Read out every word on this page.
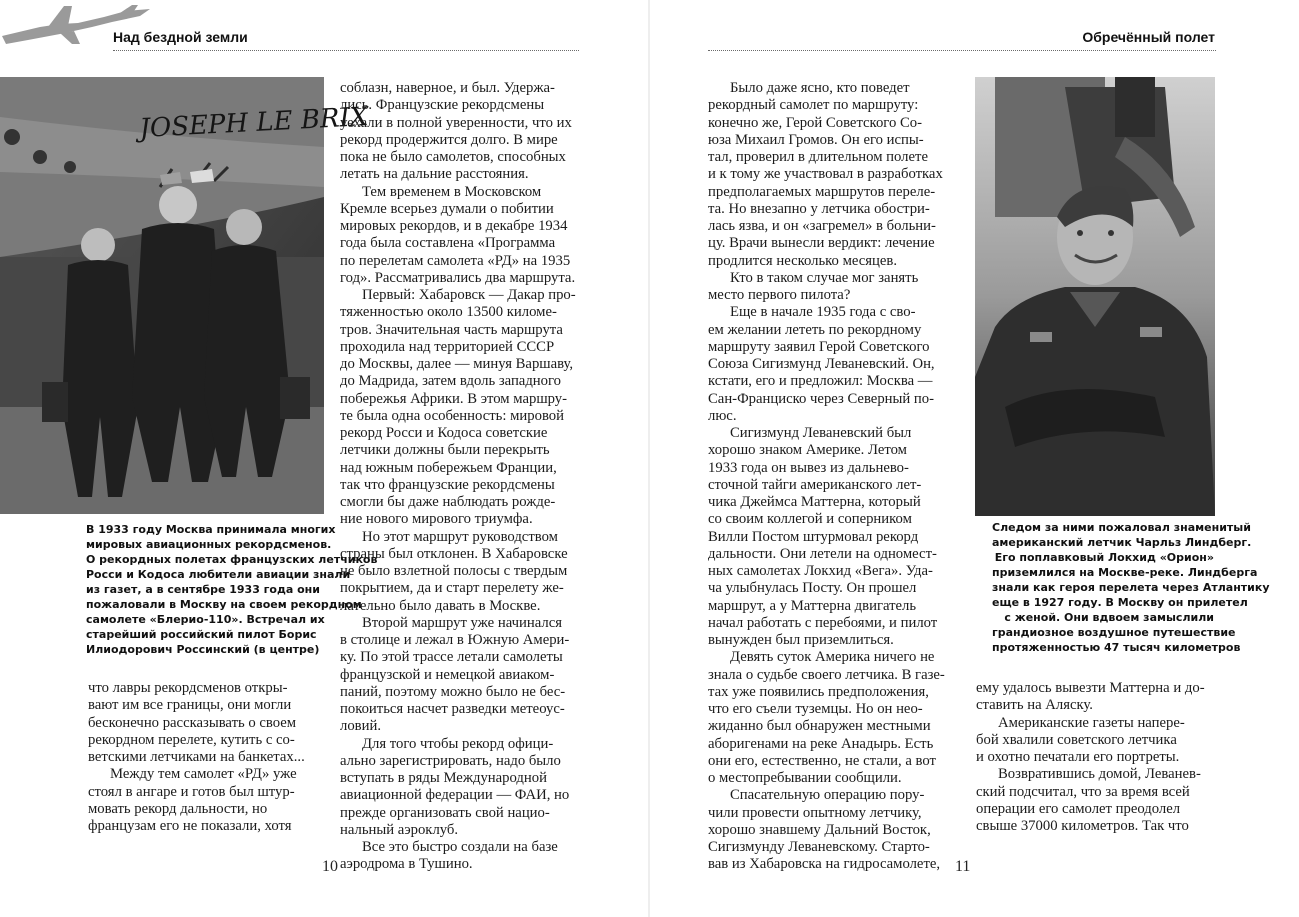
Над бездной земли
JOSEPH LE BRIX
В 1933 году Москва принимала многих
мировых авиационных рекордсменов.
О рекордных полетах французских летчиков
Росси и Кодоса любители авиации знали
из газет, а в сентябре 1933 года они
пожаловали в Москву на своем рекордном
самолете «Блерио-110». Встречал их
старейший российский пилот Борис
Илиодорович Россинский (в центре)
что лавры рекордсменов откры-
вают им все границы, они могли
бесконечно рассказывать о своем
рекордном перелете, кутить с со-
ветскими летчиками на банкетах...
Между тем самолет «РД» уже
стоял в ангаре и готов был штур-
мовать рекорд дальности, но
французам его не показали, хотя
соблазн, наверное, и был. Удержа-
лись. Французские рекордсмены
уехали в полной уверенности, что их
рекорд продержится долго. В мире
пока не было самолетов, способных
летать на дальние расстояния.
Тем временем в Московском
Кремле всерьез думали о побитии
мировых рекордов, и в декабре 1934
года была составлена «Программа
по перелетам самолета «РД» на 1935
год». Рассматривались два маршрута.
Первый: Хабаровск — Дакар про-
тяженностью около 13500 киломе-
тров. Значительная часть маршрута
проходила над территорией СССР
до Москвы, далее — минуя Варшаву,
до Мадрида, затем вдоль западного
побережья Африки. В этом маршру-
те была одна особенность: мировой
рекорд Росси и Кодоса советские
летчики должны были перекрыть
над южным побережьем Франции,
так что французские рекордсмены
смогли бы даже наблюдать рожде-
ние нового мирового триумфа.
Но этот маршрут руководством
страны был отклонен. В Хабаровске
не было взлетной полосы с твердым
покрытием, да и старт перелету же-
лательно было давать в Москве.
Второй маршрут уже начинался
в столице и лежал в Южную Амери-
ку. По этой трассе летали самолеты
французской и немецкой авиаком-
паний, поэтому можно было не бес-
покоиться насчет разведки метеоус-
ловий.
Для того чтобы рекорд офици-
ально зарегистрировать, надо было
вступать в ряды Международной
авиационной федерации — ФАИ, но
прежде организовать свой нацио-
нальный аэроклуб.
Все это быстро создали на базе
аэродрома в Тушино.
10
Обречённый полет
Было даже ясно, кто поведет
рекордный самолет по маршруту:
конечно же, Герой Советского Со-
юза Михаил Громов. Он его испы-
тал, проверил в длительном полете
и к тому же участвовал в разработках
предполагаемых маршрутов переле-
та. Но внезапно у летчика обостри-
лась язва, и он «загремел» в больни-
цу. Врачи вынесли вердикт: лечение
продлится несколько месяцев.
Кто в таком случае мог занять
место первого пилота?
Еще в начале 1935 года с сво-
ем желании лететь по рекордному
маршруту заявил Герой Советского
Союза Сигизмунд Леваневский. Он,
кстати, его и предложил: Москва —
Сан-Франциско через Северный по-
люс.
Сигизмунд Леваневский был
хорошо знаком Америке. Летом
1933 года он вывез из дальнево-
сточной тайги американского лет-
чика Джеймса Маттерна, который
со своим коллегой и соперником
Вилли Постом штурмовал рекорд
дальности. Они летели на одномест-
ных самолетах Локхид «Вега». Уда-
ча улыбнулась Посту. Он прошел
маршрут, а у Маттерна двигатель
начал работать с перебоями, и пилот
вынужден был приземлиться.
Девять суток Америка ничего не
знала о судьбе своего летчика. В газе-
тах уже появились предположения,
что его съели туземцы. Но он нео-
жиданно был обнаружен местными
аборигенами на реке Анадырь. Есть
они его, естественно, не стали, а вот
о местопребывании сообщили.
Спасательную операцию пору-
чили провести опытному летчику,
хорошо знавшему Дальний Восток,
Сигизмунду Леваневскому. Старто-
вав из Хабаровска на гидросамолете,
Следом за ними пожаловал знаменитый
американский летчик Чарльз Линдберг.
Его поплавковый Локхид «Орион»
приземлился на Москве-реке. Линдберга
знали как героя перелета через Атлантику
еще в 1927 году. В Москву он прилетел
с женой. Они вдвоем замыслили
грандиозное воздушное путешествие
протяженностью 47 тысяч километров
ему удалось вывезти Маттерна и до-
ставить на Аляску.
Американские газеты напере-
бой хвалили советского летчика
и охотно печатали его портреты.
Возвратившись домой, Леванев-
ский подсчитал, что за время всей
операции его самолет преодолел
свыше 37000 километров. Так что
11
